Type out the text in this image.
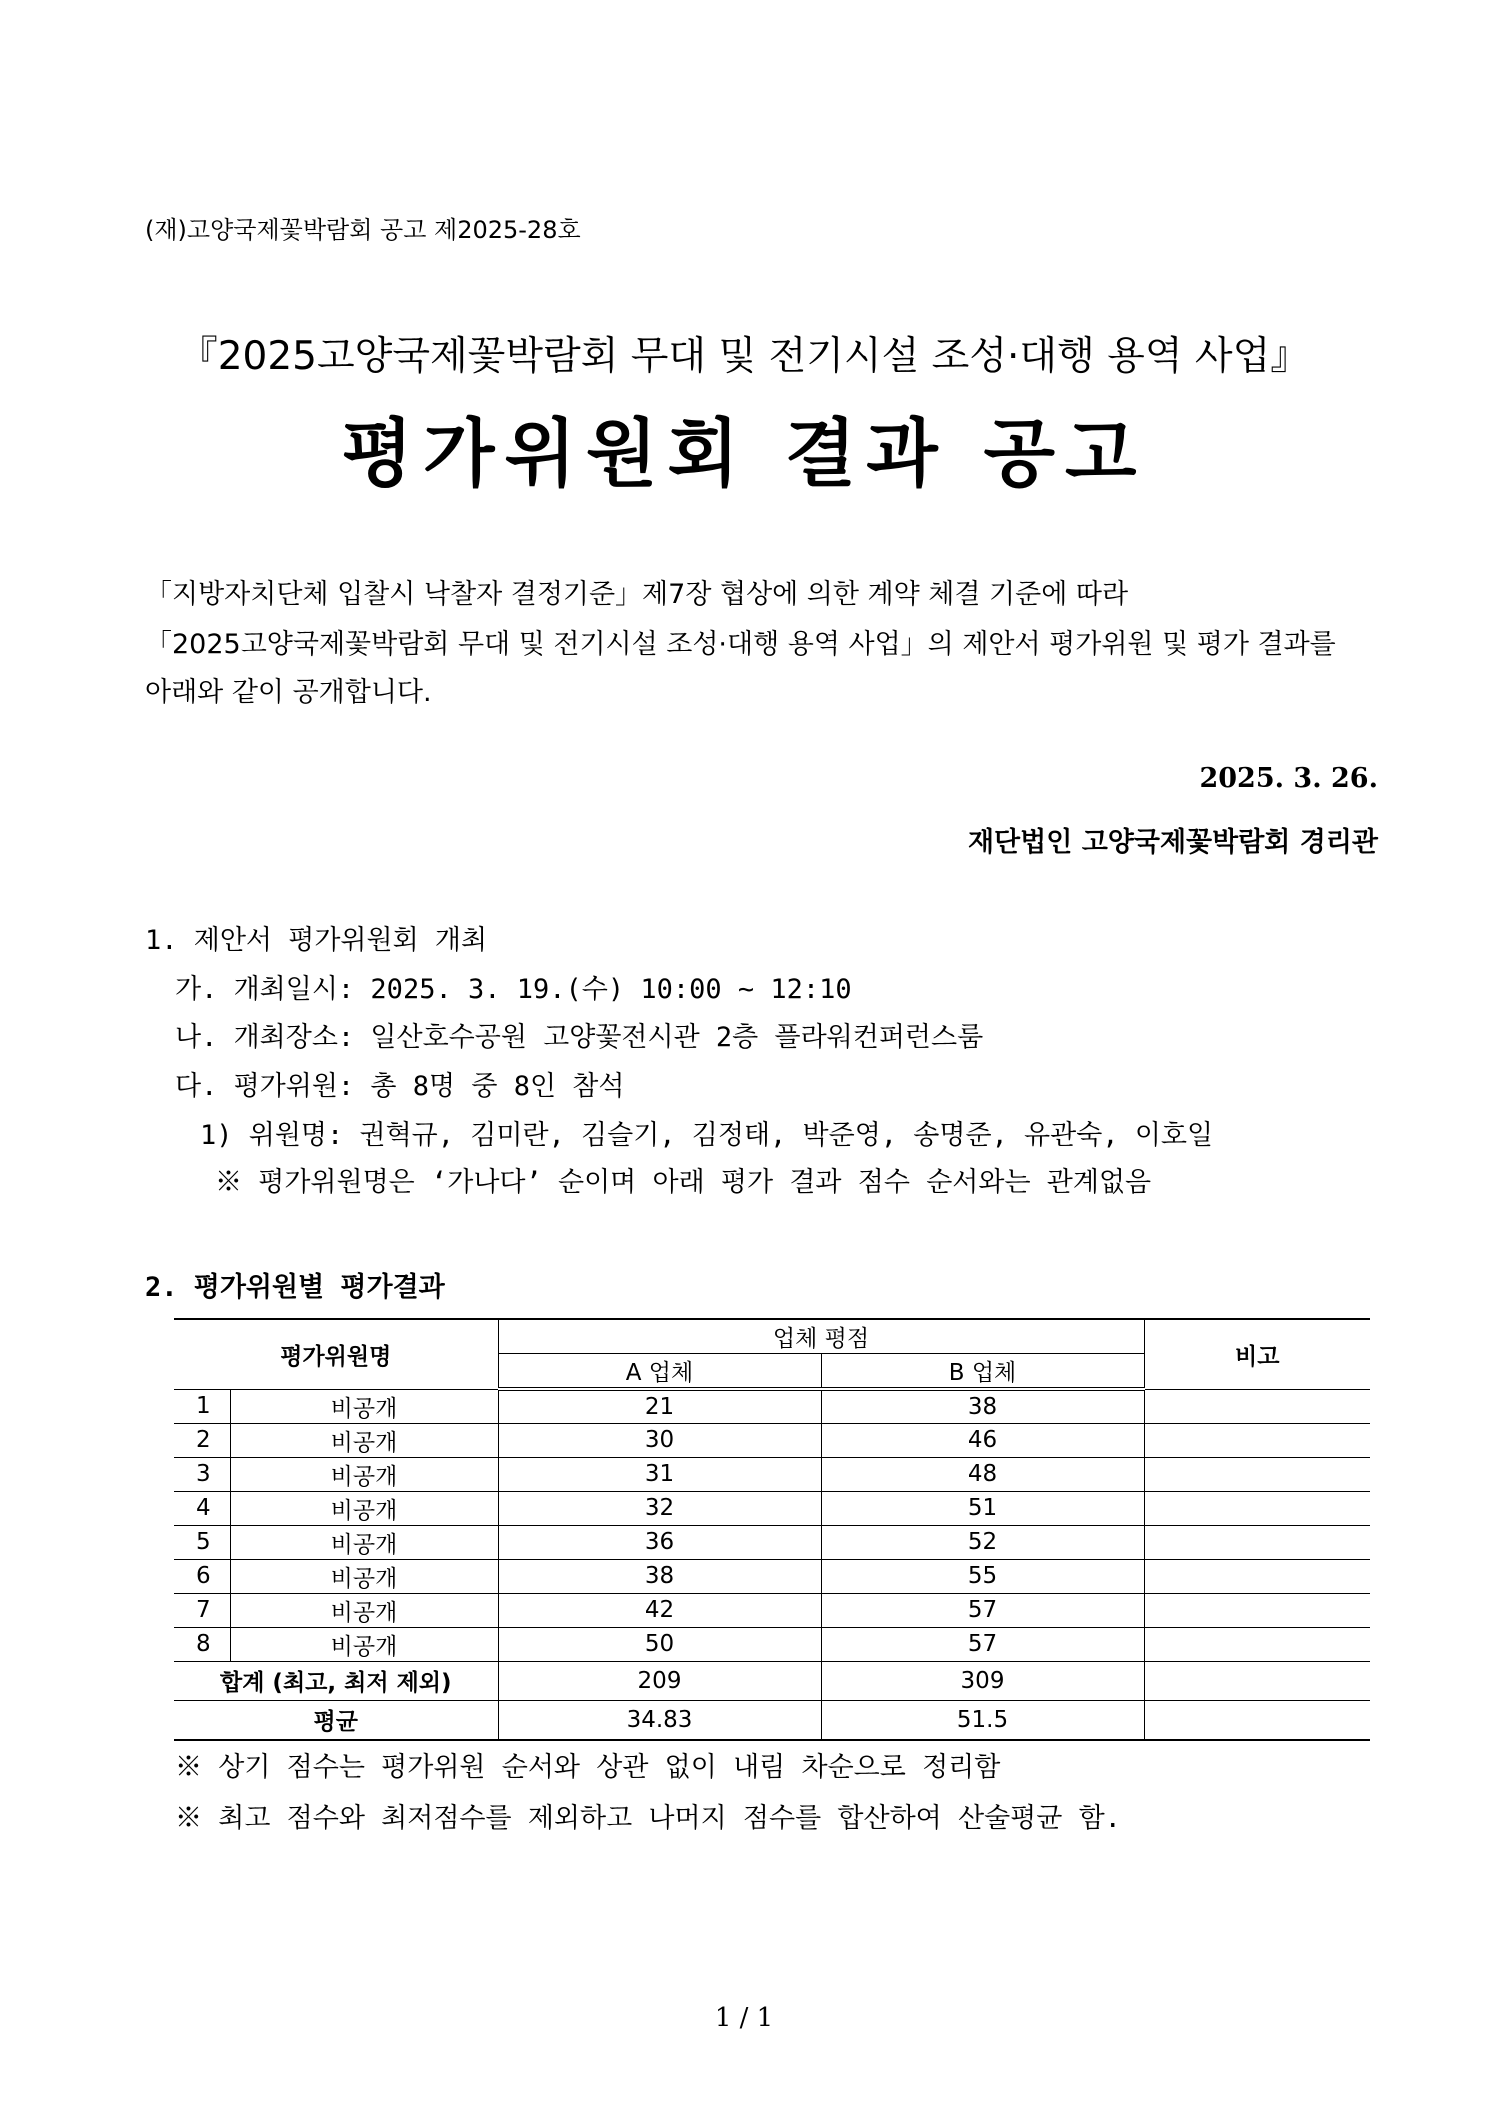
(재)고양국제꽃박람회 공고 제2025-28호
『2025고양국제꽃박람회 무대 및 전기시설 조성·대행 용역 사업』
평가위원회 결과 공고
「지방자치단체 입찰시 낙찰자 결정기준」제7장 협상에 의한 계약 체결 기준에 따라
「2025고양국제꽃박람회 무대 및 전기시설 조성·대행 용역 사업」의 제안서 평가위원 및 평가 결과를
아래와 같이 공개합니다.
2025. 3. 26.
재단법인 고양국제꽃박람회 경리관
1. 제안서 평가위원회 개최
가. 개최일시: 2025. 3. 19.(수) 10:00 ~ 12:10
나. 개최장소: 일산호수공원 고양꽃전시관 2층 플라워컨퍼런스룸
다. 평가위원: 총 8명 중 8인 참석
1) 위원명: 권혁규, 김미란, 김슬기, 김정태, 박준영, 송명준, 유관숙, 이호일
※ 평가위원명은 ‘가나다’ 순이며 아래 평가 결과 점수 순서와는 관계없음
2. 평가위원별 평가결과
평가위원명		업체 평점		비고
		A 업체	B 업체	
1	비공개	21	38	
2	비공개	30	46	
3	비공개	31	48	
4	비공개	32	51	
5	비공개	36	52	
6	비공개	38	55	
7	비공개	42	57	
8	비공개	50	57	
합계 (최고, 최저 제외)		209	309	
평균		34.83	51.5	
※ 상기 점수는 평가위원 순서와 상관 없이 내림 차순으로 정리함
※ 최고 점수와 최저점수를 제외하고 나머지 점수를 합산하여 산술평균 함.
1 / 1
